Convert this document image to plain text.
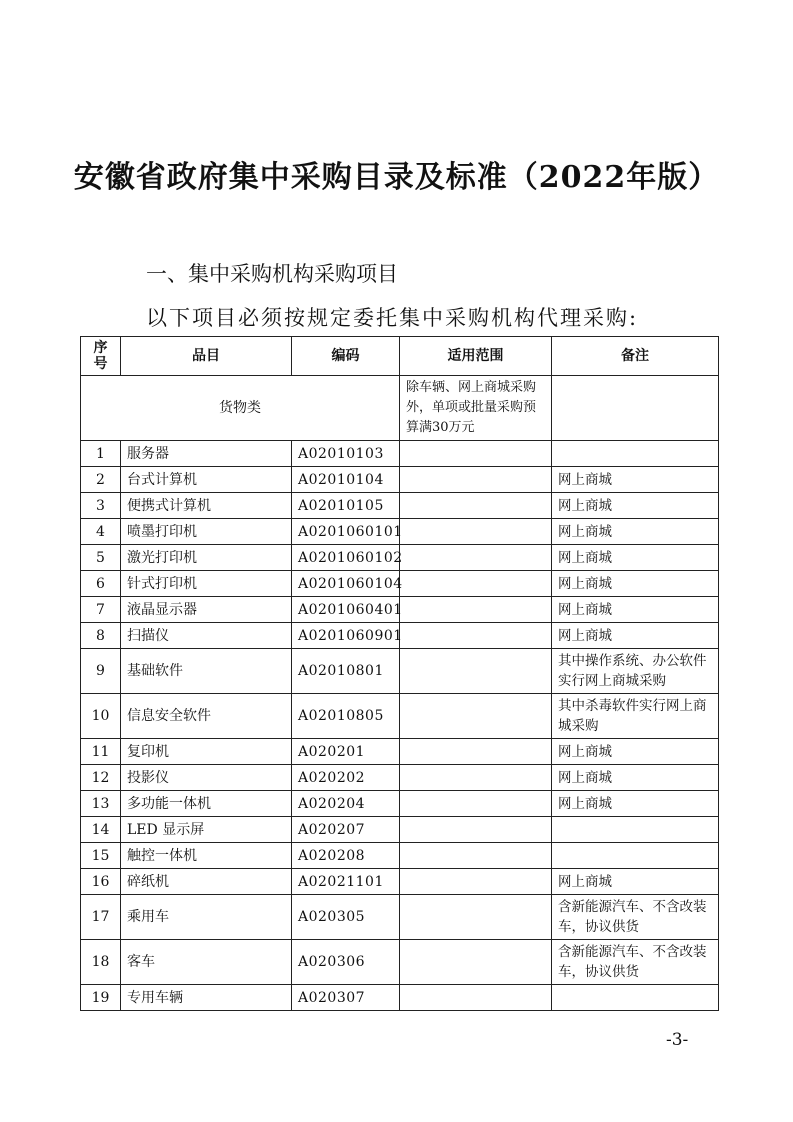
安徽省政府集中采购目录及标准（2022年版）
一、集中采购机构采购项目
以下项目必须按规定委托集中采购机构代理采购:
序
号	品目	编码	适用范围	备注
货物类			除车辆、网上商城采购外，单项或批量采购预算满30万元	
1	服务器	A02010103		
2	台式计算机	A02010104		网上商城
3	便携式计算机	A02010105		网上商城
4	喷墨打印机	A0201060101		网上商城
5	激光打印机	A0201060102		网上商城
6	针式打印机	A0201060104		网上商城
7	液晶显示器	A0201060401		网上商城
8	扫描仪	A0201060901		网上商城
9	基础软件	A02010801		其中操作系统、办公软件实行网上商城采购
10	信息安全软件	A02010805		其中杀毒软件实行网上商城采购
11	复印机	A020201		网上商城
12	投影仪	A020202		网上商城
13	多功能一体机	A020204		网上商城
14	LED 显示屏	A020207		
15	触控一体机	A020208		
16	碎纸机	A02021101		网上商城
17	乘用车	A020305		含新能源汽车、不含改装车，协议供货
18	客车	A020306		含新能源汽车、不含改装车，协议供货
19	专用车辆	A020307		
-3-
